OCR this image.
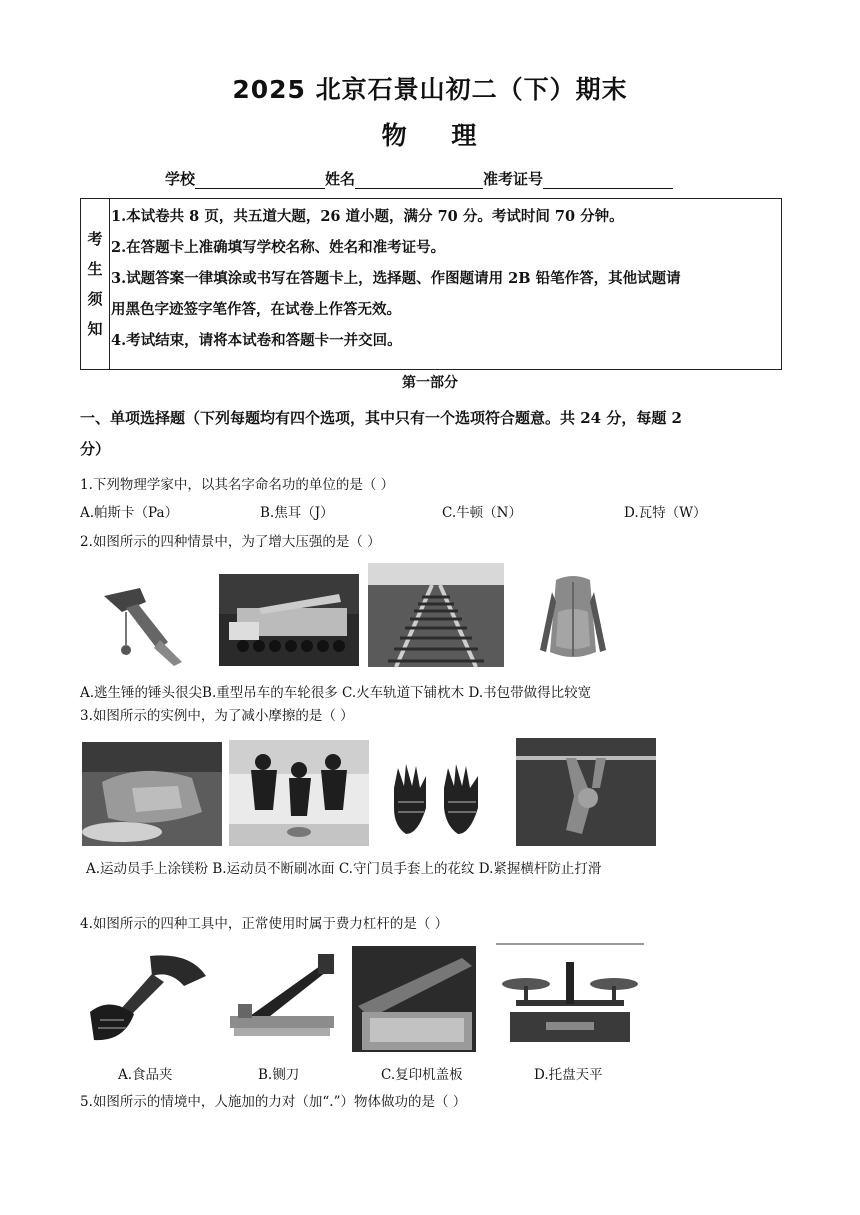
2025 北京石景山初二（下）期末
物    理
学校	姓名	准考证号
考
生
须
知
1.本试卷共 8 页，共五道大题，26 道小题，满分 70 分。考试时间 70 分钟。
2.在答题卡上准确填写学校名称、姓名和准考证号。
3.试题答案一律填涂或书写在答题卡上，选择题、作图题请用 2B 铅笔作答，其他试题请
用黑色字迹签字笔作答，在试卷上作答无效。
4.考试结束，请将本试卷和答题卡一并交回。
第一部分
一、单项选择题（下列每题均有四个选项，其中只有一个选项符合题意。共 24 分，每题 2
分）
1.下列物理学家中，以其名字命名功的单位的是（ ）
A.帕斯卡（Pa）	B.焦耳（J）	C.牛顿（N）	D.瓦特（W）
2.如图所示的四种情景中，为了增大压强的是（ ）
A.逃生锤的锤头很尖B.重型吊车的车轮很多 C.火车轨道下铺枕木 D.书包带做得比较宽
3.如图所示的实例中，为了减小摩擦的是（ ）
A.运动员手上涂镁粉 B.运动员不断刷冰面 C.守门员手套上的花纹 D.紧握横杆防止打滑
4.如图所示的四种工具中，正常使用时属于费力杠杆的是（ ）
A.食品夹	B.铡刀	C.复印机盖板	D.托盘天平
5.如图所示的情境中，人施加的力对（加“.”）物体做功的是（ ）
